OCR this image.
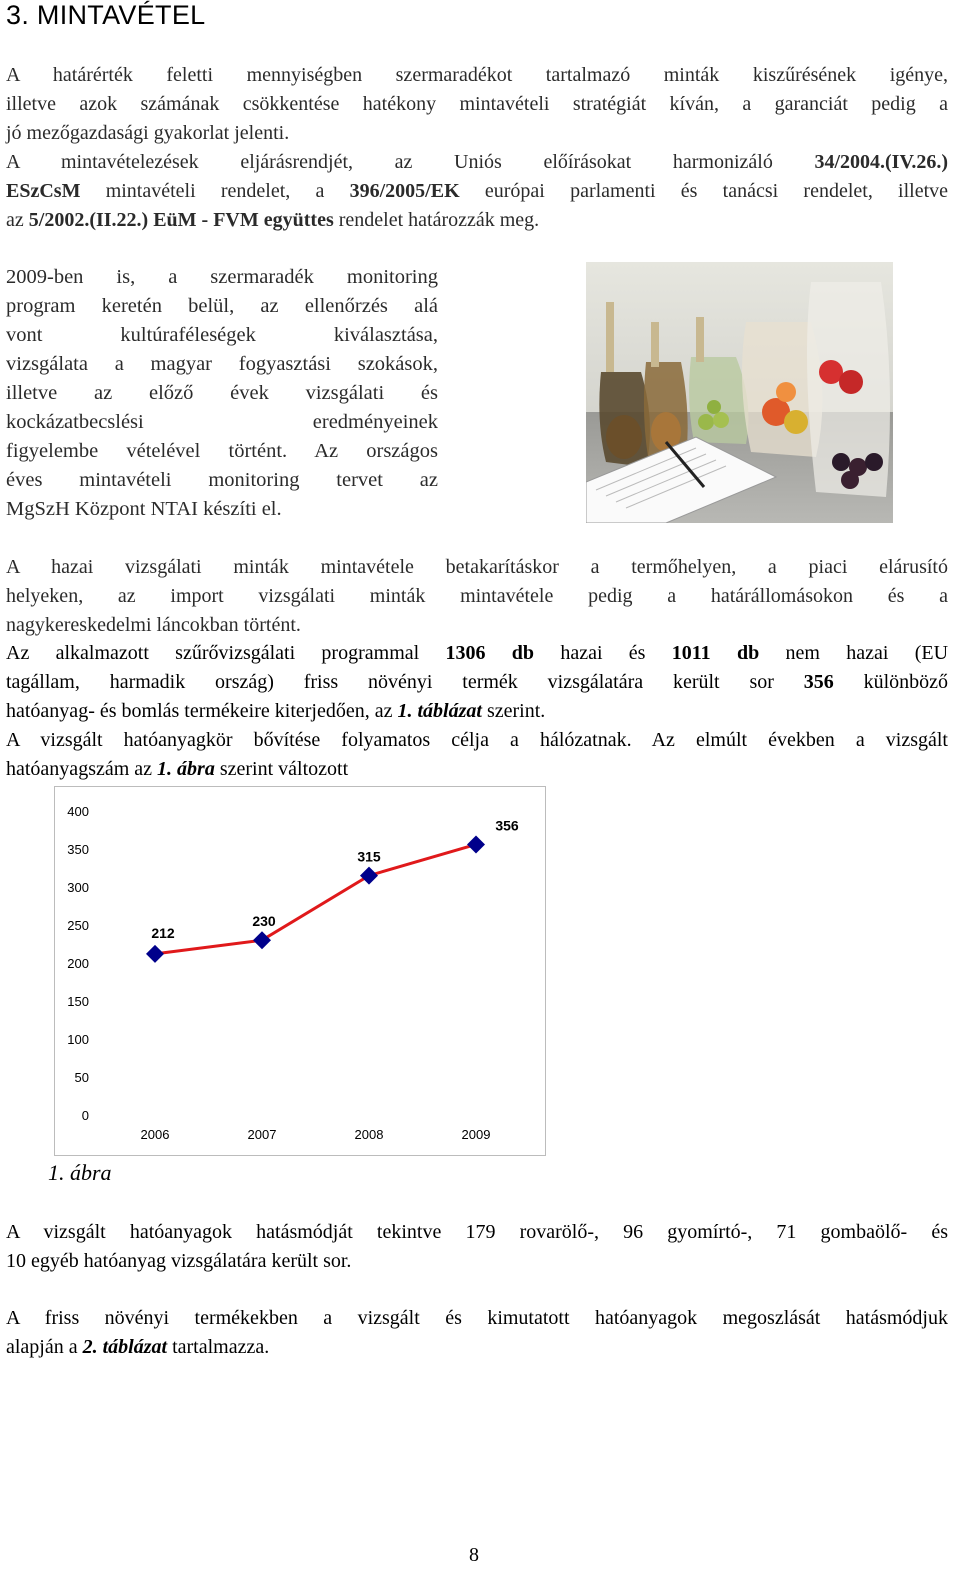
3. MINTAVÉTEL
A határérték feletti mennyiségben szermaradékot tartalmazó minták kiszűrésének igénye,
illetve azok számának csökkentése hatékony mintavételi stratégiát kíván, a garanciát pedig a
jó mezőgazdasági gyakorlat jelenti.
A mintavételezések eljárásrendjét, az Uniós előírásokat harmonizáló 34/2004.(IV.26.)
ESzCsM mintavételi rendelet, a 396/2005/EK európai parlamenti és tanácsi rendelet, illetve
az 5/2002.(II.22.) EüM - FVM együttes rendelet határozzák meg.
2009-ben is, a szermaradék monitoring
program keretén belül, az ellenőrzés alá
vont kultúraféleségek kiválasztása,
vizsgálata a magyar fogyasztási szokások,
illetve az előző évek vizsgálati és
kockázatbecslési eredményeinek
figyelembe vételével történt. Az országos
éves mintavételi monitoring tervet az
MgSzH Központ NTAI készíti el.
A hazai vizsgálati minták mintavétele betakarításkor a termőhelyen, a piaci elárusító
helyeken, az import vizsgálati minták mintavétele pedig a határállomásokon és a
nagykereskedelmi láncokban történt.
Az alkalmazott szűrővizsgálati programmal 1306 db hazai és 1011 db nem hazai (EU
tagállam, harmadik ország) friss növényi termék vizsgálatára került sor 356 különböző
hatóanyag- és bomlás termékeire kiterjedően, az 1. táblázat szerint.
A vizsgált hatóanyagkör bővítése folyamatos célja a hálózatnak. Az elmúlt években a vizsgált
hatóanyagszám az 1. ábra szerint változott
400
350
300
250
200
150
100
50
0
2006	2007	2008	2009
212
230
315
356
1. ábra
A vizsgált hatóanyagok hatásmódját tekintve 179 rovarölő-, 96 gyomírtó-, 71 gombaölő- és
10 egyéb hatóanyag vizsgálatára került sor.
A friss növényi termékekben a vizsgált és kimutatott hatóanyagok megoszlását hatásmódjuk
alapján a 2. táblázat tartalmazza.
8
